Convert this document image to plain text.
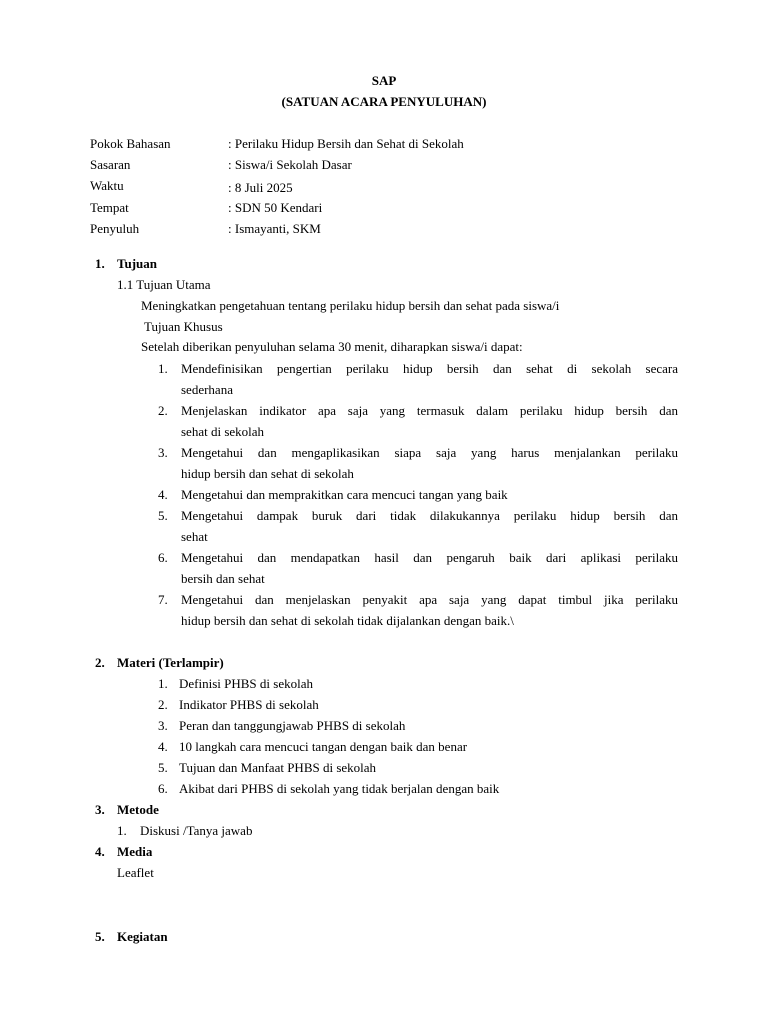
SAP
(SATUAN ACARA PENYULUHAN)
Pokok Bahasan	: Perilaku Hidup Bersih dan Sehat di Sekolah
Sasaran	: Siswa/i Sekolah Dasar
Waktu	: 8 Juli 2025
Tempat	: SDN 50 Kendari
Penyuluh	: Ismayanti, SKM
1. Tujuan
1.1 Tujuan Utama
Meningkatkan pengetahuan tentang perilaku hidup bersih dan sehat pada siswa/i
Tujuan Khusus
Setelah diberikan penyuluhan selama 30 menit, diharapkan siswa/i dapat:
1. Mendefinisikan pengertian perilaku hidup bersih dan sehat di sekolah secara
sederhana
2. Menjelaskan indikator apa saja yang termasuk dalam perilaku hidup bersih dan
sehat di sekolah
3. Mengetahui dan mengaplikasikan siapa saja yang harus menjalankan perilaku
hidup bersih dan sehat di sekolah
4. Mengetahui dan memprakitkan cara mencuci tangan yang baik
5. Mengetahui dampak buruk dari tidak dilakukannya perilaku hidup bersih dan
sehat
6. Mengetahui dan mendapatkan hasil dan pengaruh baik dari aplikasi perilaku
bersih dan sehat
7. Mengetahui dan menjelaskan penyakit apa saja yang dapat timbul jika perilaku
hidup bersih dan sehat di sekolah tidak dijalankan dengan baik.\
2. Materi (Terlampir)
1. Definisi PHBS di sekolah
2. Indikator PHBS di sekolah
3. Peran dan tanggungjawab PHBS di sekolah
4. 10 langkah cara mencuci tangan dengan baik dan benar
5. Tujuan dan Manfaat PHBS di sekolah
6. Akibat dari PHBS di sekolah yang tidak berjalan dengan baik
3. Metode
1. Diskusi /Tanya jawab
4. Media
Leaflet
5. Kegiatan
